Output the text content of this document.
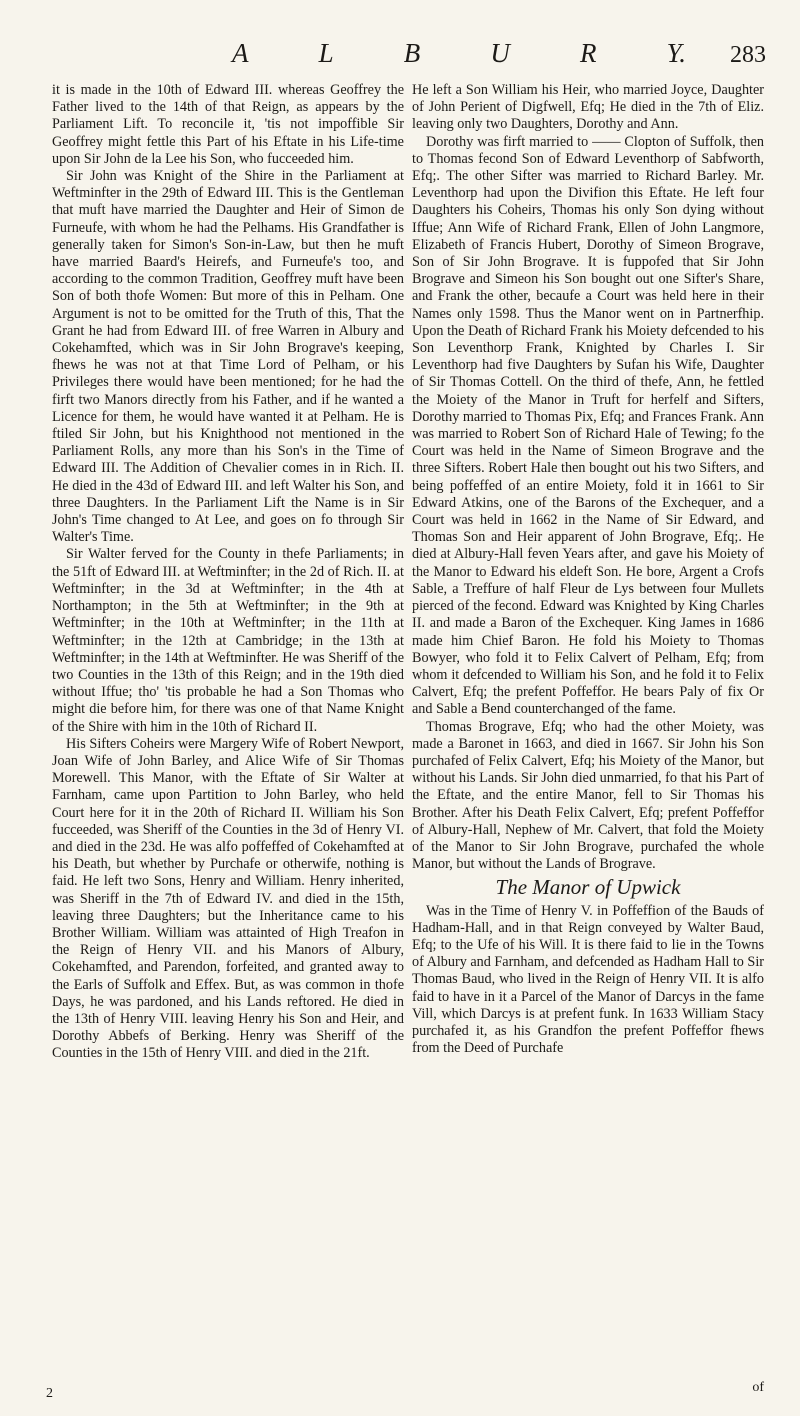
A	L	B	U	R	Y. 283

it is made in the 10th of Edward III. whereas Geoffrey the Father lived to the 14th of that Reign, as appears by the Parliament Lift. To reconcile it, 'tis not impoffible Sir Geoffrey might fettle this Part of his Eftate in his Life-time upon Sir John de la Lee his Son, who fucceeded him.

Sir John was Knight of the Shire in the Parliament at Weftminfter in the 29th of Edward III. This is the Gentleman that muft have married the Daughter and Heir of Simon de Furneufe, with whom he had the Pelhams. His Grandfather is generally taken for Simon's Son-in-Law, but then he muft have married Baard's Heirefs, and Furneufe's too, and according to the common Tradition, Geoffrey muft have been Son of both thofe Women: But more of this in Pelham. One Argument is not to be omitted for the Truth of this, That the Grant he had from Edward III. of free Warren in Albury and Cokehamfted, which was in Sir John Brograve's keeping, fhews he was not at that Time Lord of Pelham, or his Privileges there would have been mentioned; for he had the firft two Manors directly from his Father, and if he wanted a Licence for them, he would have wanted it at Pelham. He is ftiled Sir John, but his Knighthood not mentioned in the Parliament Rolls, any more than his Son's in the Time of Edward III. The Addition of Chevalier comes in in Rich. II. He died in the 43d of Edward III. and left Walter his Son, and three Daughters. In the Parliament Lift the Name is in Sir John's Time changed to At Lee, and goes on fo through Sir Walter's Time.

Sir Walter ferved for the County in thefe Parliaments; in the 51ft of Edward III. at Weftminfter; in the 2d of Rich. II. at Weftminfter; in the 3d at Weftminfter; in the 4th at Northampton; in the 5th at Weftminfter; in the 9th at Weftminfter; in the 10th at Weftminfter; in the 11th at Weftminfter; in the 12th at Cambridge; in the 13th at Weftminfter; in the 14th at Weftminfter. He was Sheriff of the two Counties in the 13th of this Reign; and in the 19th died without Iffue; tho' 'tis probable he had a Son Thomas who might die before him, for there was one of that Name Knight of the Shire with him in the 10th of Richard II.

His Sifters Coheirs were Margery Wife of Robert Newport, Joan Wife of John Barley, and Alice Wife of Sir Thomas Morewell. This Manor, with the Eftate of Sir Walter at Farnham, came upon Partition to John Barley, who held Court here for it in the 20th of Richard II. William his Son fucceeded, was Sheriff of the Counties in the 3d of Henry VI. and died in the 23d. He was alfo poffeffed of Cokehamfted at his Death, but whether by Purchafe or otherwife, nothing is faid. He left two Sons, Henry and William. Henry inherited, was Sheriff in the 7th of Edward IV. and died in the 15th, leaving three Daughters; but the Inheritance came to his Brother William. William was attainted of High Treafon in the Reign of Henry VII. and his Manors of Albury, Cokehamfted, and Parendon, forfeited, and granted away to the Earls of Suffolk and Effex. But, as was common in thofe Days, he was pardoned, and his Lands reftored. He died in the 13th of Henry VIII. leaving Henry his Son and Heir, and Dorothy Abbefs of Berking. Henry was Sheriff of the Counties in the 15th of Henry VIII. and died in the 21ft.

He left a Son William his Heir, who married Joyce, Daughter of John Perient of Digfwell, Efq; He died in the 7th of Eliz. leaving only two Daughters, Dorothy and Ann.

Dorothy was firft married to —— Clopton of Suffolk, then to Thomas fecond Son of Edward Leventhorp of Sabfworth, Efq;. The other Sifter was married to Richard Barley. Mr. Leventhorp had upon the Divifion this Eftate. He left four Daughters his Coheirs, Thomas his only Son dying without Iffue; Ann Wife of Richard Frank, Ellen of John Langmore, Elizabeth of Francis Hubert, Dorothy of Simeon Brograve, Son of Sir John Brograve. It is fuppofed that Sir John Brograve and Simeon his Son bought out one Sifter's Share, and Frank the other, becaufe a Court was held here in their Names only 1598. Thus the Manor went on in Partnerfhip. Upon the Death of Richard Frank his Moiety defcended to his Son Leventhorp Frank, Knighted by Charles I. Sir Leventhorp had five Daughters by Sufan his Wife, Daughter of Sir Thomas Cottell. On the third of thefe, Ann, he fettled the Moiety of the Manor in Truft for herfelf and Sifters, Dorothy married to Thomas Pix, Efq; and Frances Frank. Ann was married to Robert Son of Richard Hale of Tewing; fo the Court was held in the Name of Simeon Brograve and the three Sifters. Robert Hale then bought out his two Sifters, and being poffeffed of an entire Moiety, fold it in 1661 to Sir Edward Atkins, one of the Barons of the Exchequer, and a Court was held in 1662 in the Name of Sir Edward, and Thomas Son and Heir apparent of John Brograve, Efq;. He died at Albury-Hall feven Years after, and gave his Moiety of the Manor to Edward his eldeft Son. He bore, Argent a Crofs Sable, a Treffure of half Fleur de Lys between four Mullets pierced of the fecond. Edward was Knighted by King Charles II. and made a Baron of the Exchequer. King James in 1686 made him Chief Baron. He fold his Moiety to Thomas Bowyer, who fold it to Felix Calvert of Pelham, Efq; from whom it defcended to William his Son, and he fold it to Felix Calvert, Efq; the prefent Poffeffor. He bears Paly of fix Or and Sable a Bend counterchanged of the fame.

Thomas Brograve, Efq; who had the other Moiety, was made a Baronet in 1663, and died in 1667. Sir John his Son purchafed of Felix Calvert, Efq; his Moiety of the Manor, but without his Lands. Sir John died unmarried, fo that his Part of the Eftate, and the entire Manor, fell to Sir Thomas his Brother. After his Death Felix Calvert, Efq; prefent Poffeffor of Albury-Hall, Nephew of Mr. Calvert, that fold the Moiety of the Manor to Sir John Brograve, purchafed the whole Manor, but without the Lands of Brograve.

The Manor of Upwick

Was in the Time of Henry V. in Poffeffion of the Bauds of Hadham-Hall, and in that Reign conveyed by Walter Baud, Efq; to the Ufe of his Will. It is there faid to lie in the Towns of Albury and Farnham, and defcended as Hadham Hall to Sir Thomas Baud, who lived in the Reign of Henry VII. It is alfo faid to have in it a Parcel of the Manor of Darcys in the fame Vill, which Darcys is at prefent funk. In 1633 William Stacy purchafed it, as his Grandfon the prefent Poffeffor fhews from the Deed of Purchafe

2	of
